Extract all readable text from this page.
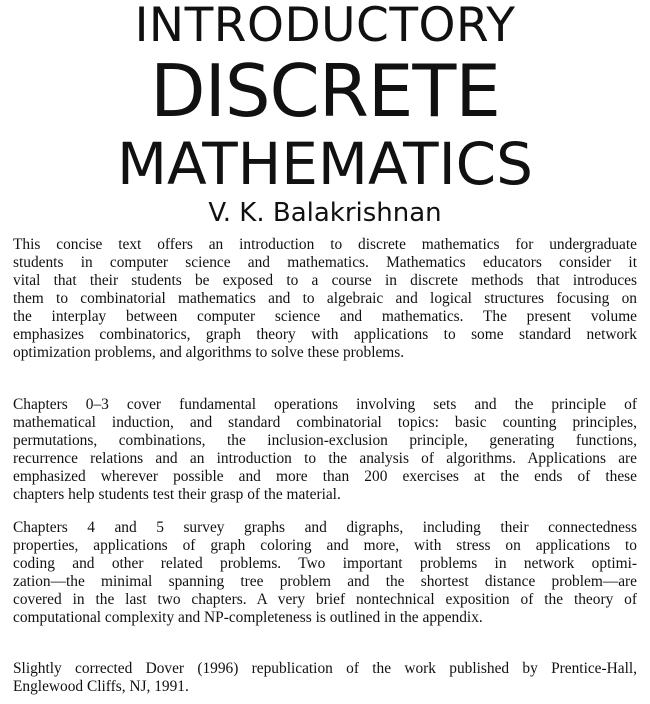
INTRODUCTORY
DISCRETE
MATHEMATICS
V. K. Balakrishnan
This concise text offers an introduction to discrete mathematics for undergraduate
students in computer science and mathematics. Mathematics educators consider it
vital that their students be exposed to a course in discrete methods that introduces
them to combinatorial mathematics and to algebraic and logical structures focusing on
the interplay between computer science and mathematics. The present volume
emphasizes combinatorics, graph theory with applications to some standard network
optimization problems, and algorithms to solve these problems.
Chapters 0–3 cover fundamental operations involving sets and the principle of
mathematical induction, and standard combinatorial topics: basic counting principles,
permutations, combinations, the inclusion-exclusion principle, generating functions,
recurrence relations and an introduction to the analysis of algorithms. Applications are
emphasized wherever possible and more than 200 exercises at the ends of these
chapters help students test their grasp of the material.
Chapters 4 and 5 survey graphs and digraphs, including their connectedness
properties, applications of graph coloring and more, with stress on applications to
coding and other related problems. Two important problems in network optimi-
zation—the minimal spanning tree problem and the shortest distance problem—are
covered in the last two chapters. A very brief nontechnical exposition of the theory of
computational complexity and NP-completeness is outlined in the appendix.
Slightly corrected Dover (1996) republication of the work published by Prentice-Hall,
Englewood Cliffs, NJ, 1991.
